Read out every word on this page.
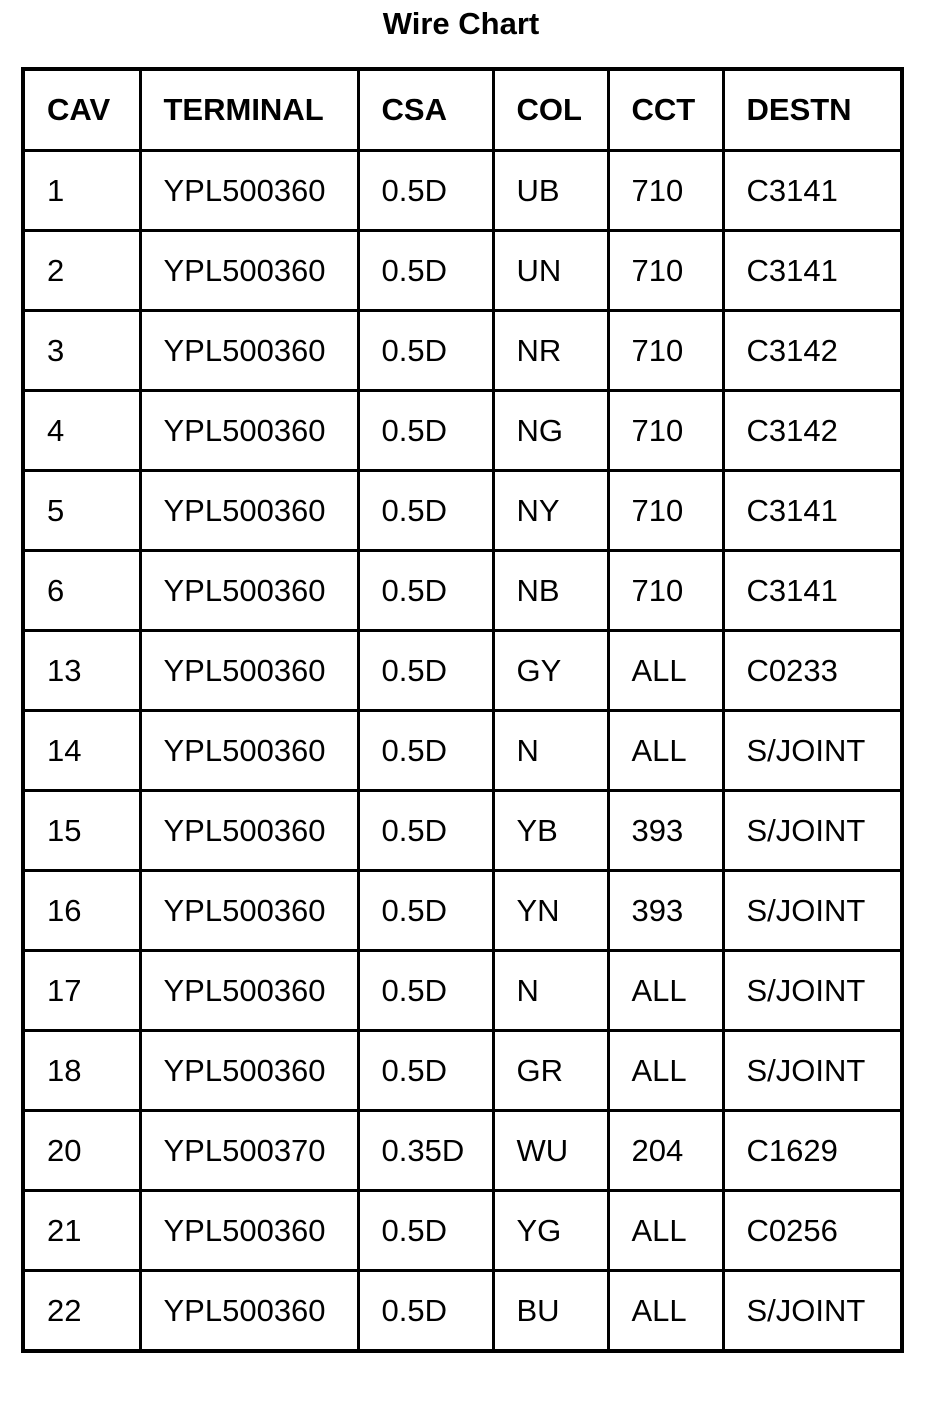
Wire Chart
CAV	TERMINAL	CSA	COL	CCT	DESTN
1	YPL500360	0.5D	UB	710	C3141
2	YPL500360	0.5D	UN	710	C3141
3	YPL500360	0.5D	NR	710	C3142
4	YPL500360	0.5D	NG	710	C3142
5	YPL500360	0.5D	NY	710	C3141
6	YPL500360	0.5D	NB	710	C3141
13	YPL500360	0.5D	GY	ALL	C0233
14	YPL500360	0.5D	N	ALL	S/JOINT
15	YPL500360	0.5D	YB	393	S/JOINT
16	YPL500360	0.5D	YN	393	S/JOINT
17	YPL500360	0.5D	N	ALL	S/JOINT
18	YPL500360	0.5D	GR	ALL	S/JOINT
20	YPL500370	0.35D	WU	204	C1629
21	YPL500360	0.5D	YG	ALL	C0256
22	YPL500360	0.5D	BU	ALL	S/JOINT
